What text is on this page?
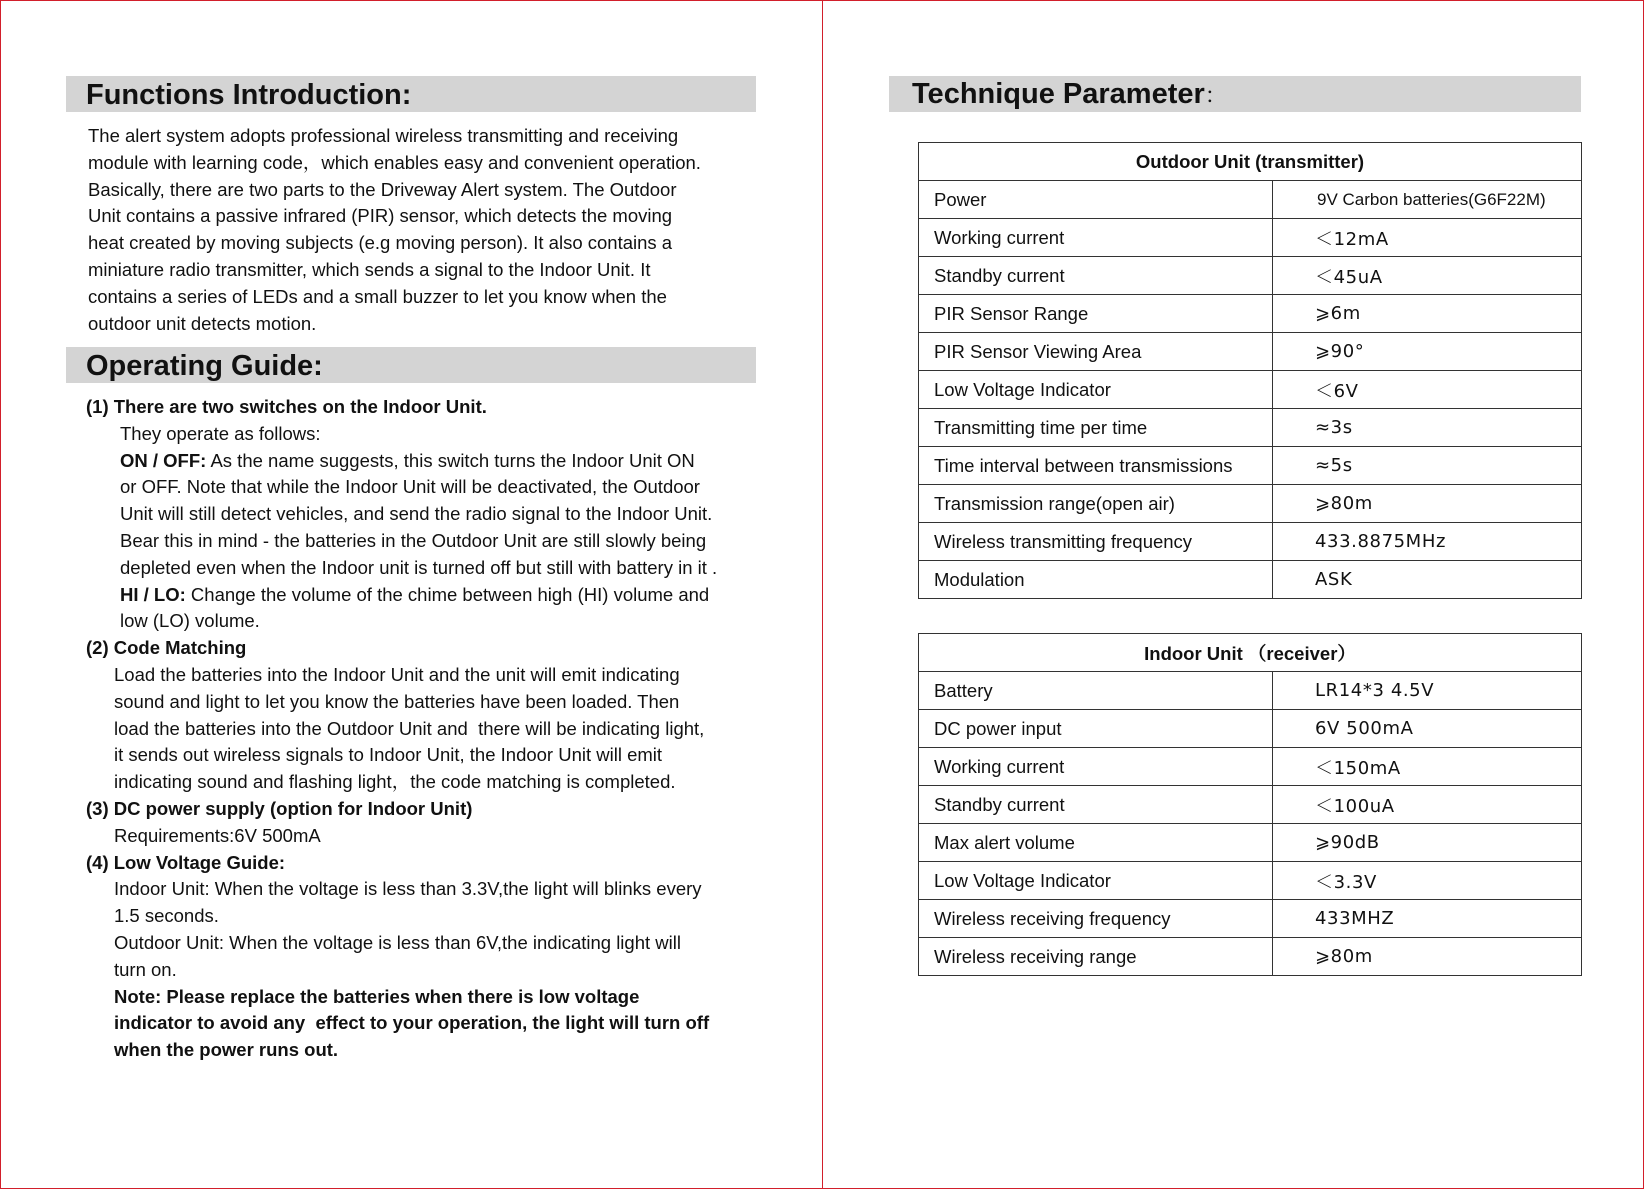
Functions Introduction:
The alert system adopts professional wireless transmitting and receiving
module with learning code，which enables easy and convenient operation.
Basically, there are two parts to the Driveway Alert system. The Outdoor
Unit contains a passive infrared (PIR) sensor, which detects the moving
heat created by moving subjects (e.g moving person). It also contains a
miniature radio transmitter, which sends a signal to the Indoor Unit. It
contains a series of LEDs and a small buzzer to let you know when the
outdoor unit detects motion.
Operating Guide:
(1) There are two switches on the Indoor Unit.
They operate as follows:
ON / OFF: As the name suggests, this switch turns the Indoor Unit ON
or OFF. Note that while the Indoor Unit will be deactivated, the Outdoor
Unit will still detect vehicles, and send the radio signal to the Indoor Unit.
Bear this in mind - the batteries in the Outdoor Unit are still slowly being
depleted even when the Indoor unit is turned off but still with battery in it .
HI / LO: Change the volume of the chime between high (HI) volume and
low (LO) volume.
(2) Code Matching
Load the batteries into the Indoor Unit and the unit will emit indicating
sound and light to let you know the batteries have been loaded. Then
load the batteries into the Outdoor Unit and  there will be indicating light,
it sends out wireless signals to Indoor Unit, the Indoor Unit will emit
indicating sound and flashing light，the code matching is completed.
(3) DC power supply (option for Indoor Unit)
Requirements:6V 500mA
(4) Low Voltage Guide:
Indoor Unit: When the voltage is less than 3.3V,the light will blinks every
1.5 seconds.
Outdoor Unit: When the voltage is less than 6V,the indicating light will
turn on.
Note: Please replace the batteries when there is low voltage
indicator to avoid any  effect to your operation, the light will turn off
when the power runs out.
Technique Parameter：
Outdoor Unit (transmitter)	
Power	9V Carbon batteries(G6F22M)
Working current	＜12mA
Standby current	＜45uA
PIR Sensor Range	⩾6m
PIR Sensor Viewing Area	⩾90°
Low Voltage Indicator	＜6V
Transmitting time per time	≈3s
Time interval between transmissions	≈5s
Transmission range(open air)	⩾80m
Wireless transmitting frequency	433.8875MHz
Modulation	ASK
Indoor Unit （receiver）	
Battery	LR14*3 4.5V
DC power input	6V 500mA
Working current	＜150mA
Standby current	＜100uA
Max alert volume	⩾90dB
Low Voltage Indicator	＜3.3V
Wireless receiving frequency	433MHZ
Wireless receiving range	⩾80m
